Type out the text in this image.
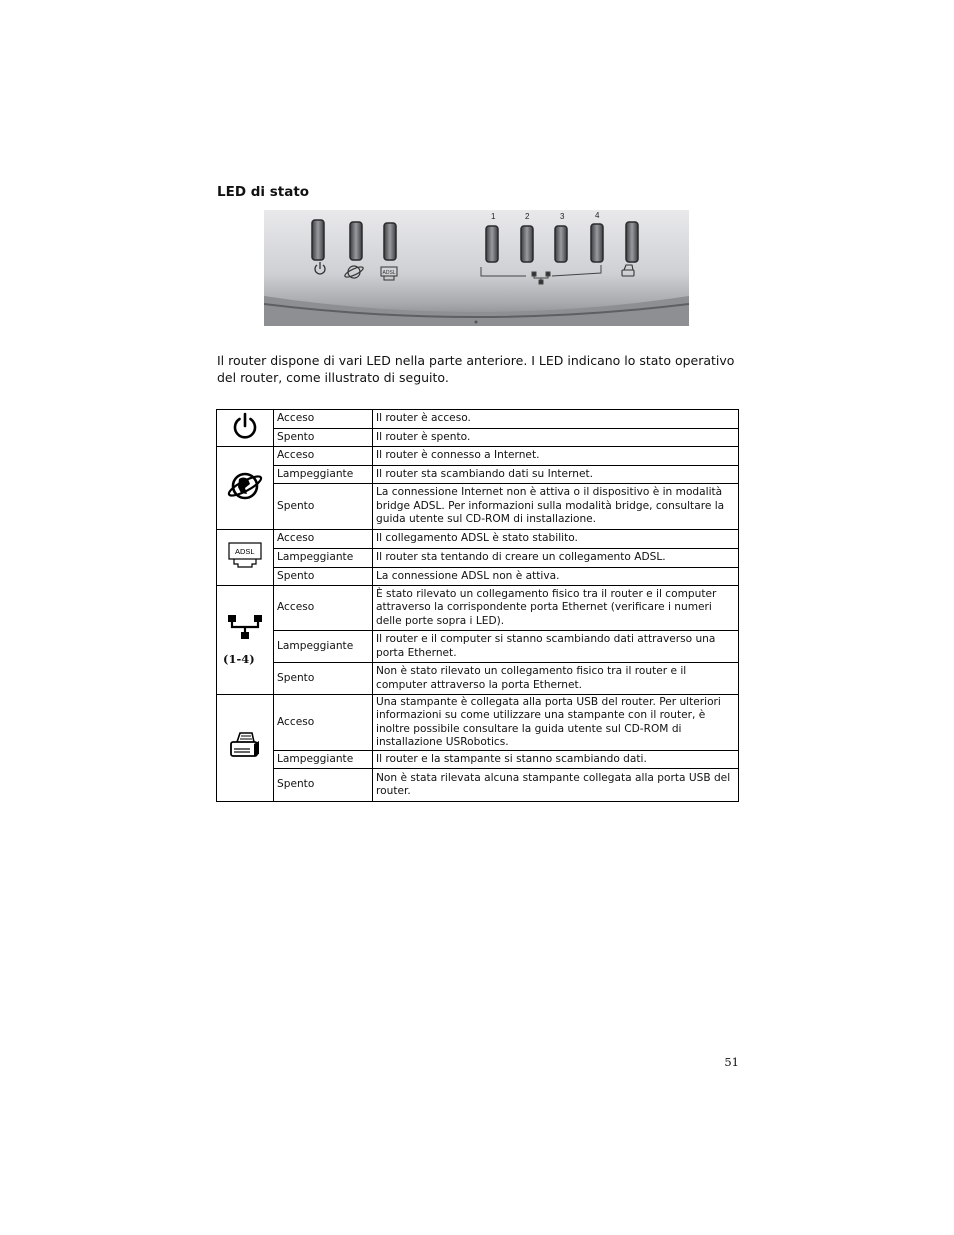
LED di stato
1	2	3	4
ADSL

Il router dispone di vari LED nella parte anteriore. I LED indicano lo stato operativo del router, come illustrato di seguito.

	Acceso	Il router è acceso.
	Spento	Il router è spento.
	Acceso	Il router è connesso a Internet.
	Lampeggiante	Il router sta scambiando dati su Internet.
	Spento	La connessione Internet non è attiva o il dispositivo è in modalità bridge ADSL. Per informazioni sulla modalità bridge, consultare la guida utente sul CD-ROM di installazione.

ADSL	Acceso	Il collegamento ADSL è stato stabilito.
	Lampeggiante	Il router sta tentando di creare un collegamento ADSL.
	Spento	La connessione ADSL non è attiva.

(1-4)	Acceso	È stato rilevato un collegamento fisico tra il router e il computer attraverso la corrispondente porta Ethernet (verificare i numeri delle porte sopra i LED).
	Lampeggiante	Il router e il computer si stanno scambiando dati attraverso una porta Ethernet.
	Spento	Non è stato rilevato un collegamento fisico tra il router e il computer attraverso la porta Ethernet.
	Acceso	Una stampante è collegata alla porta USB del router. Per ulteriori informazioni su come utilizzare una stampante con il router, è inoltre possibile consultare la guida utente sul CD-ROM di installazione USRobotics.
	Lampeggiante	Il router e la stampante si stanno scambiando dati.
	Spento	Non è stata rilevata alcuna stampante collegata alla porta USB del router.
51
